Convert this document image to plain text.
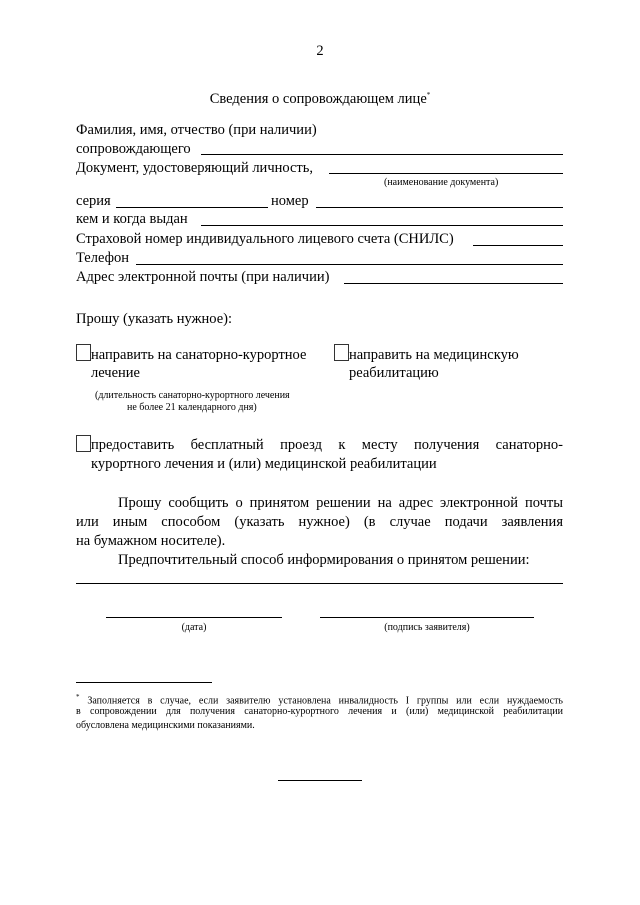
2
Сведения о сопровождающем лице*
Фамилия, имя, отчество (при наличии)
сопровождающего
Документ, удостоверяющий личность,
(наименование документа)
серия	номер
кем и когда выдан
Страховой номер индивидуального лицевого счета (СНИЛС)
Телефон
Адрес электронной почты (при наличии)
Прошу (указать нужное):
направить на санаторно-курортное
лечение
(длительность санаторно-курортного лечения
не более 21 календарного дня)
направить на медицинскую
реабилитацию
предоставить бесплатный проезд к месту получения санаторно-
курортного лечения и (или) медицинской реабилитации
Прошу сообщить о принятом решении на адрес электронной почты
или иным способом (указать нужное) (в случае подачи заявления
на бумажном носителе).
Предпочтительный способ информирования о принятом решении:
(дата)	(подпись заявителя)
* Заполняется в случае, если заявителю установлена инвалидность I группы или если нуждаемость
в сопровождении для получения санаторно-курортного лечения и (или) медицинской реабилитации
обусловлена медицинскими показаниями.
